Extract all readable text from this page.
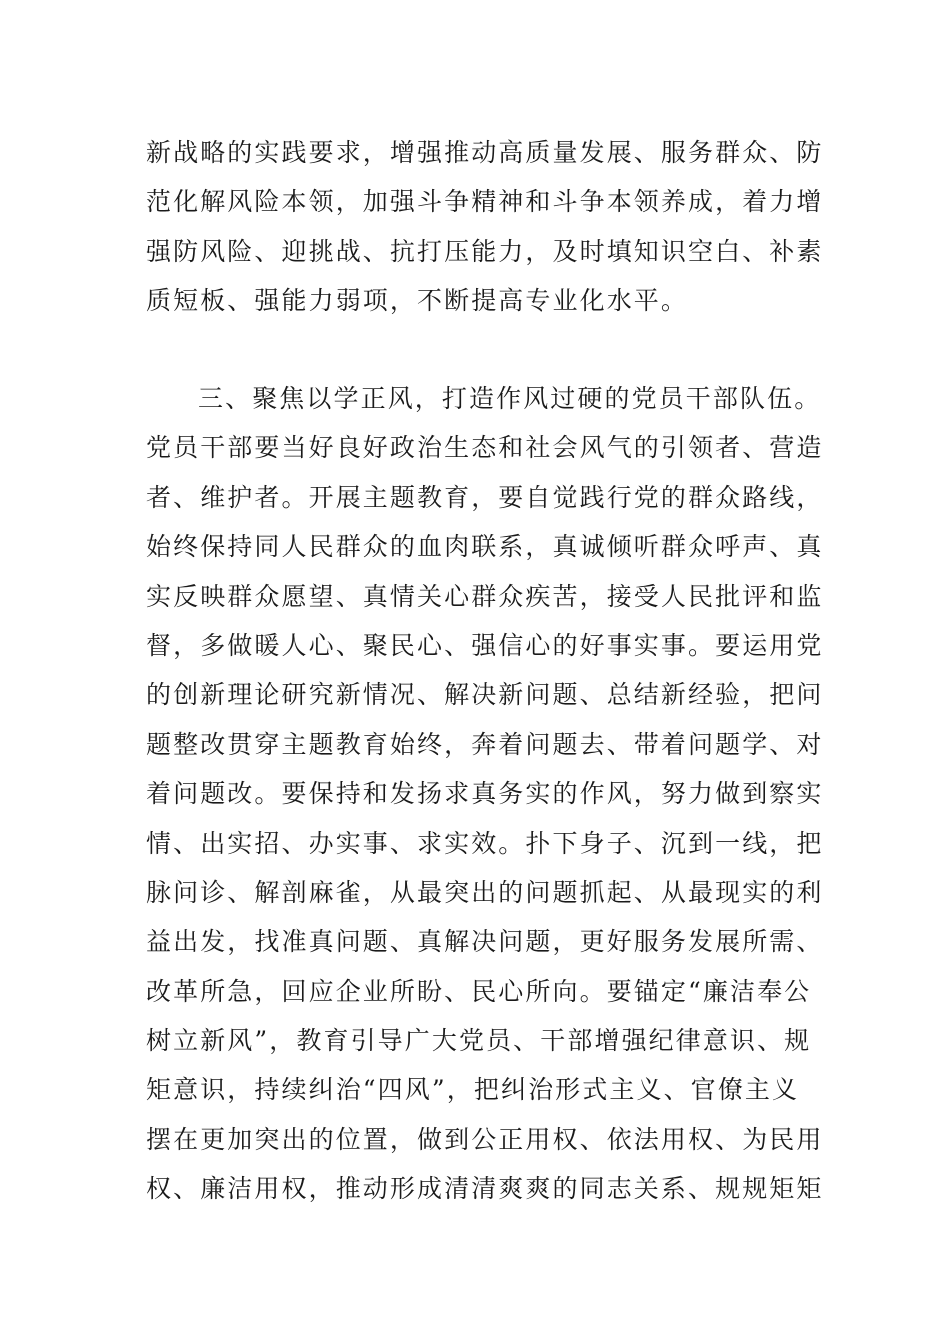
新战略的实践要求，增强推动高质量发展、服务群众、防
范化解风险本领，加强斗争精神和斗争本领养成，着力增
强防风险、迎挑战、抗打压能力，及时填知识空白、补素
质短板、强能力弱项，不断提高专业化水平。
三、聚焦以学正风，打造作风过硬的党员干部队伍。
党员干部要当好良好政治生态和社会风气的引领者、营造
者、维护者。开展主题教育，要自觉践行党的群众路线，
始终保持同人民群众的血肉联系，真诚倾听群众呼声、真
实反映群众愿望、真情关心群众疾苦，接受人民批评和监
督，多做暖人心、聚民心、强信心的好事实事。要运用党
的创新理论研究新情况、解决新问题、总结新经验，把问
题整改贯穿主题教育始终，奔着问题去、带着问题学、对
着问题改。要保持和发扬求真务实的作风，努力做到察实
情、出实招、办实事、求实效。扑下身子、沉到一线，把
脉问诊、解剖麻雀，从最突出的问题抓起、从最现实的利
益出发，找准真问题、真解决问题，更好服务发展所需、
改革所急，回应企业所盼、民心所向。要锚定“廉洁奉公
树立新风”，教育引导广大党员、干部增强纪律意识、规
矩意识，持续纠治“四风”，把纠治形式主义、官僚主义
摆在更加突出的位置，做到公正用权、依法用权、为民用
权、廉洁用权，推动形成清清爽爽的同志关系、规规矩矩
